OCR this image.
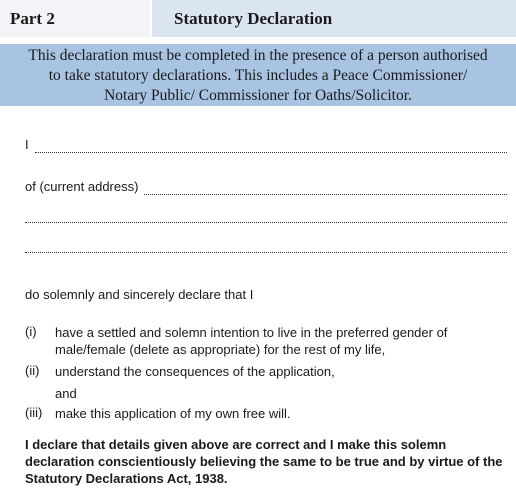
Part 2	Statutory Declaration
This declaration must be completed in the presence of a person authorised
to take statutory declarations. This includes a Peace Commissioner/
Notary Public/ Commissioner for Oaths/Solicitor.
I
of (current address)
do solemnly and sincerely declare that I
(i) have a settled and solemn intention to live in the preferred gender of
male/female (delete as appropriate) for the rest of my life,
(ii) understand the consequences of the application,
and
(iii) make this application of my own free will.
I declare that details given above are correct and I make this solemn declaration conscientiously believing the same to be true and by virtue of the Statutory Declarations Act, 1938.
